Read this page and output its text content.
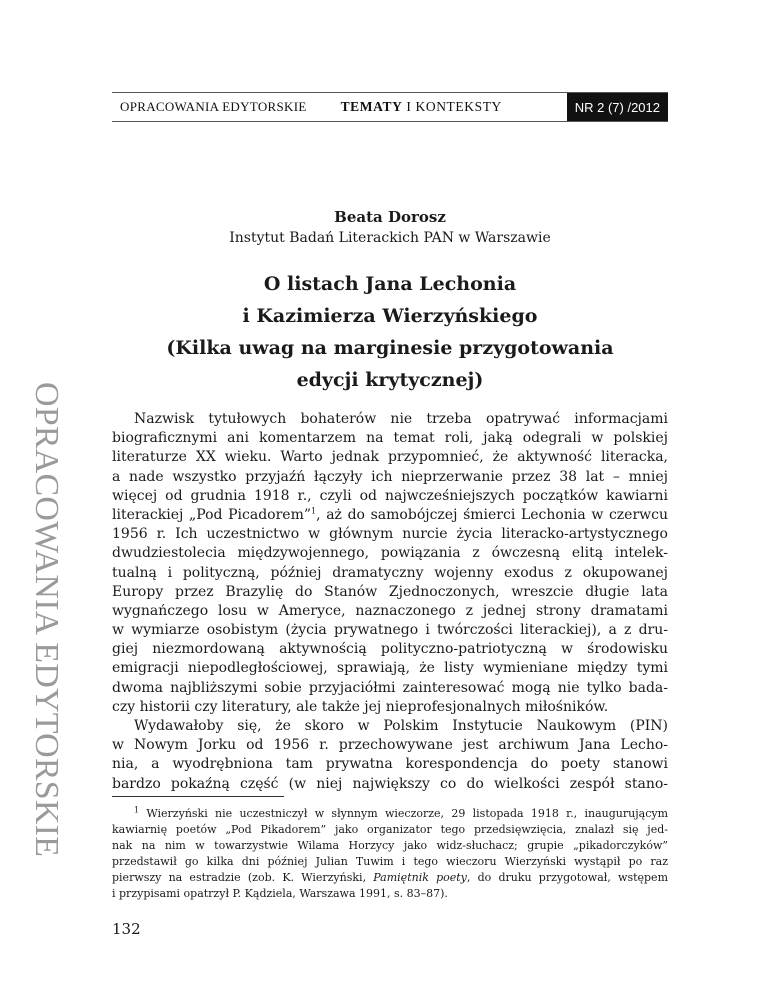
OPRACOWANIA EDYTORSKIE	TEMATY I KONTEKSTY	NR 2 (7) /2012
OPRACOWANIA EDYTORSKIE

Beata Dorosz

Instytut Badań Literackich PAN w Warszawie

O listach Jana Lechonia
i Kazimierza Wierzyńskiego
(Kilka uwag na marginesie przygotowania
edycji krytycznej)
Nazwisk tytułowych bohaterów nie trzeba opatrywać informacjami
biograficznymi ani komentarzem na temat roli, jaką odegrali w polskiej
literaturze XX wieku. Warto jednak przypomnieć, że aktywność literacka,
a nade wszystko przyjaźń łączyły ich nieprzerwanie przez 38 lat – mniej
więcej od grudnia 1918 r., czyli od najwcześniejszych początków kawiarni
literackiej „Pod Picadorem”$^1$, aż do samobójczej śmierci Lechonia w czerwcu
1956 r. Ich uczestnictwo w głównym nurcie życia literacko-artystycznego
dwudziestolecia międzywojennego, powiązania z ówczesną elitą intelek-
tualną i polityczną, później dramatyczny wojenny exodus z okupowanej
Europy przez Brazylię do Stanów Zjednoczonych, wreszcie długie lata
wygnańczego losu w Ameryce, naznaczonego z jednej strony dramatami
w wymiarze osobistym (życia prywatnego i twórczości literackiej), a z dru-
giej niezmordowaną aktywnością polityczno-patriotyczną w środowisku
emigracji niepodległościowej, sprawiają, że listy wymieniane między tymi
dwoma najbliższymi sobie przyjaciółmi zainteresować mogą nie tylko bada-
czy historii czy literatury, ale także jej nieprofesjonalnych miłośników.
Wydawałoby się, że skoro w Polskim Instytucie Naukowym (PIN)
w Nowym Jorku od 1956 r. przechowywane jest archiwum Jana Lecho-
nia, a wyodrębniona tam prywatna korespondencja do poety stanowi
bardzo pokaźną część (w niej największy co do wielkości zespół stano-
$^1$ Wierzyński nie uczestniczył w słynnym wieczorze, 29 listopada 1918 r., inaugurującym
kawiarnię poetów „Pod Pikadorem” jako organizator tego przedsięwzięcia, znalazł się jed-
nak na nim w towarzystwie Wilama Horzycy jako widz-słuchacz; grupie „pikadorczyków”
przedstawił go kilka dni później Julian Tuwim i tego wieczoru Wierzyński wystąpił po raz
pierwszy na estradzie (zob. K. Wierzyński, Pamiętnik poety, do druku przygotował, wstępem
i przypisami opatrzył P. Kądziela, Warszawa 1991, s. 83–87).
132
